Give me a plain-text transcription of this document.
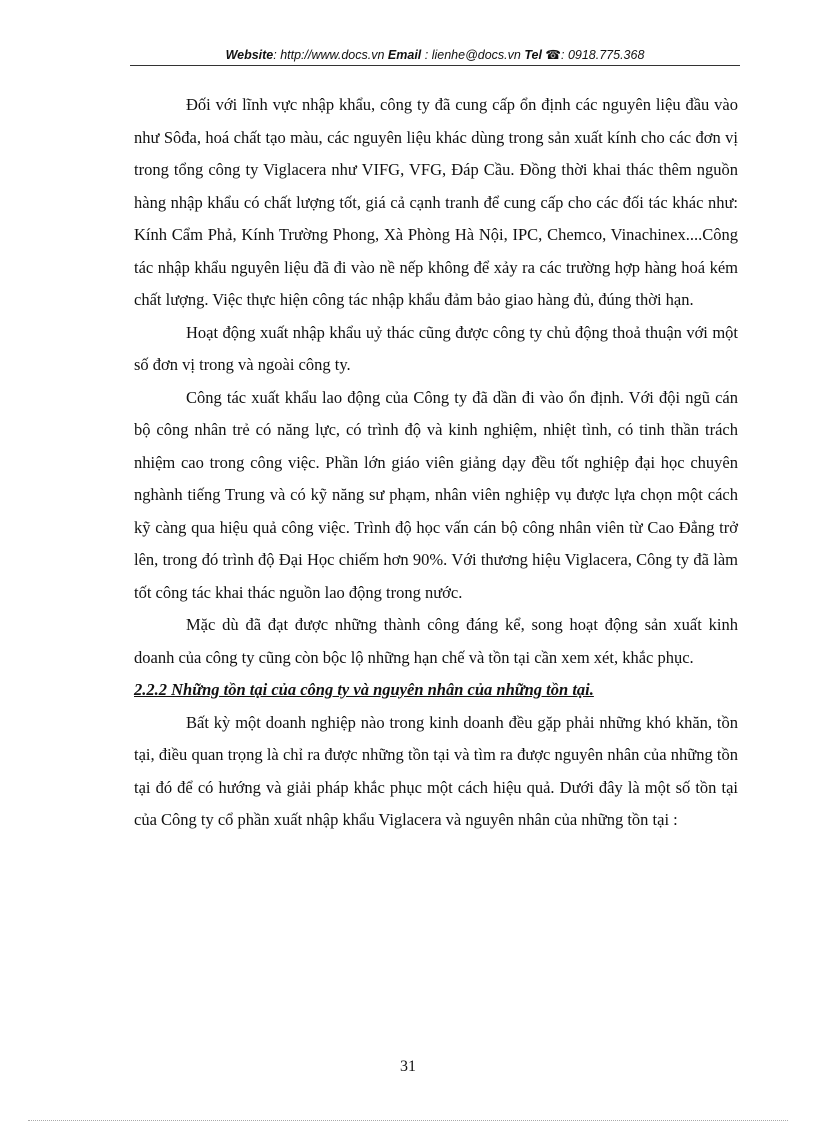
Website: http://www.docs.vn Email : lienhe@docs.vn Tel ☎: 0918.775.368

Đối với lĩnh vực nhập khẩu, công ty đã cung cấp ổn định các nguyên liệu đầu vào như Sôđa, hoá chất tạo màu, các nguyên liệu khác dùng trong sản xuất kính cho các đơn vị trong tổng công ty Viglacera như VIFG, VFG, Đáp Cầu. Đồng thời khai thác thêm nguồn hàng nhập khẩu có chất lượng tốt, giá cả cạnh tranh để cung cấp cho các đối tác khác như: Kính Cẩm Phả, Kính Trường Phong, Xà Phòng Hà Nội, IPC, Chemco, Vinachinex....Công tác nhập khẩu nguyên liệu đã đi vào nề nếp không để xảy ra các trường hợp hàng hoá kém chất lượng. Việc thực hiện công tác nhập khẩu đảm bảo giao hàng đủ, đúng thời hạn.

Hoạt động xuất nhập khẩu uỷ thác cũng được công ty chủ động thoả thuận với một số đơn vị trong và ngoài công ty.

Công tác xuất khẩu lao động của Công ty đã dần đi vào ổn định. Với đội ngũ cán bộ công nhân trẻ có năng lực, có trình độ và kinh nghiệm, nhiệt tình, có tinh thần trách nhiệm cao trong công việc. Phần lớn giáo viên giảng dạy đều tốt nghiệp đại học chuyên nghành tiếng Trung và có kỹ năng sư phạm, nhân viên nghiệp vụ được lựa chọn một cách kỹ càng qua hiệu quả công việc. Trình độ học vấn cán bộ công nhân viên từ Cao Đẳng trở lên, trong đó trình độ Đại Học chiếm hơn 90%. Với thương hiệu Viglacera, Công ty đã làm tốt công tác khai thác nguồn lao động trong nước.

Mặc dù đã đạt được những thành công đáng kể, song hoạt động sản xuất kinh doanh của công ty cũng còn bộc lộ những hạn chế và tồn tại cần xem xét, khắc phục.

2.2.2 Những tồn tại của công ty và nguyên nhân của những tồn tại.

Bất kỳ một doanh nghiệp nào trong kinh doanh đều gặp phải những khó khăn, tồn tại, điều quan trọng là chỉ ra được những tồn tại và tìm ra được nguyên nhân của những tồn tại đó để có hướng và giải pháp khắc phục một cách hiệu quả. Dưới đây là một số tồn tại của Công ty cổ phần xuất nhập khẩu Viglacera và nguyên nhân của những tồn tại :

31
